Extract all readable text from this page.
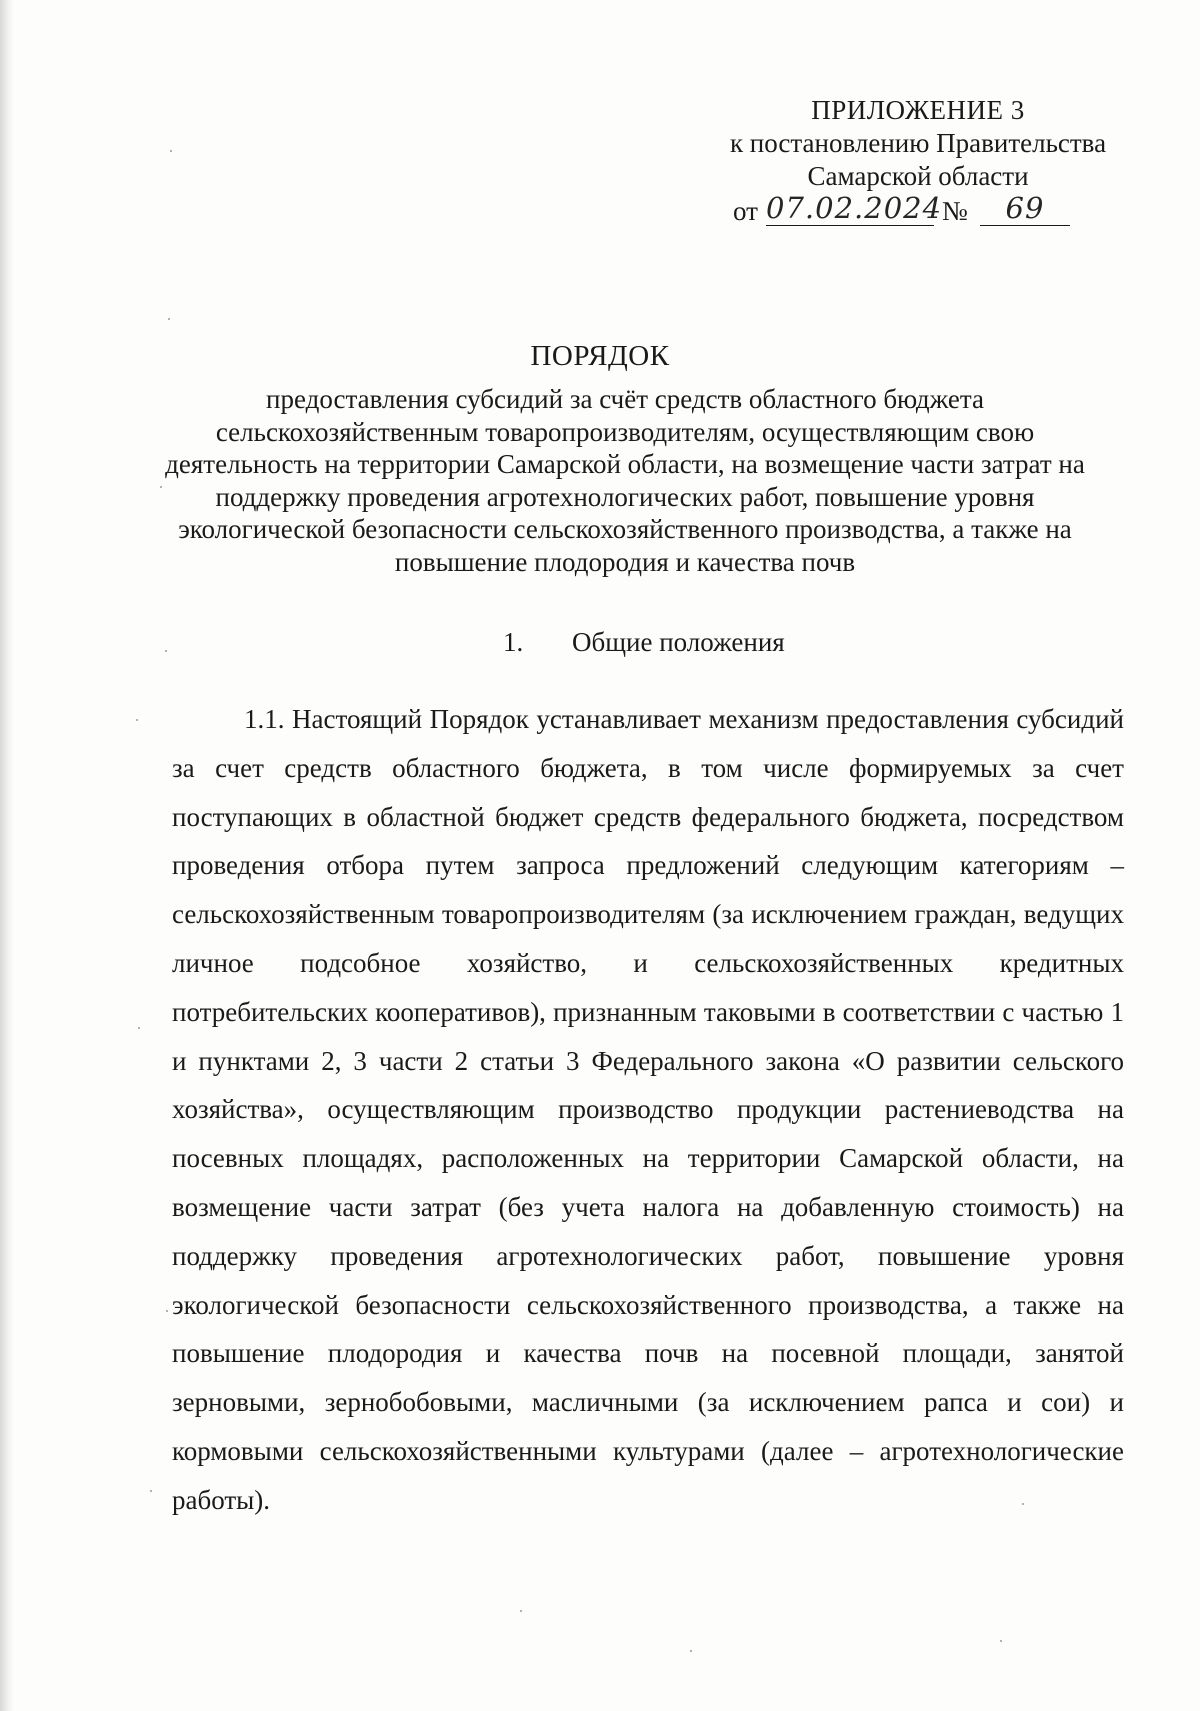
ПРИЛОЖЕНИЕ 3
к постановлению Правительства
Самарской области
от 07.02.2024 №	69
ПОРЯДОК
предоставления субсидий за счёт средств областного бюджета сельскохозяйственным товаропроизводителям, осуществляющим свою деятельность на территории Самарской области, на возмещение части затрат на поддержку проведения агротехнологических работ, повышение уровня экологической безопасности сельскохозяйственного производства, а также на повышение плодородия и качества почв
1. Общие положения

1.1. Настоящий Порядок устанавливает механизм предоставления субсидий за счет средств областного бюджета, в том числе формируемых за счет поступающих в областной бюджет средств федерального бюджета, посредством проведения отбора путем запроса предложений следующим категориям – сельскохозяйственным товаропроизводителям (за исключением граждан, ведущих личное подсобное хозяйство, и сельскохозяйственных кредитных потребительских кооперативов), признанным таковыми в соответствии с частью 1 и пунктами 2, 3 части 2 статьи 3 Федерального закона «О развитии сельского хозяйства», осуществляющим производство продукции растениеводства на посевных площадях, расположенных на территории Самарской области, на возмещение части затрат (без учета налога на добавленную стоимость) на поддержку проведения агротехнологических работ, повышение уровня экологической безопасности сельскохозяйственного производства, а также на повышение плодородия и качества почв на посевной площади, занятой зерновыми, зернобобовыми, масличными (за исключением рапса и сои) и кормовыми сельскохозяйственными культурами (далее – агротехнологические работы).
